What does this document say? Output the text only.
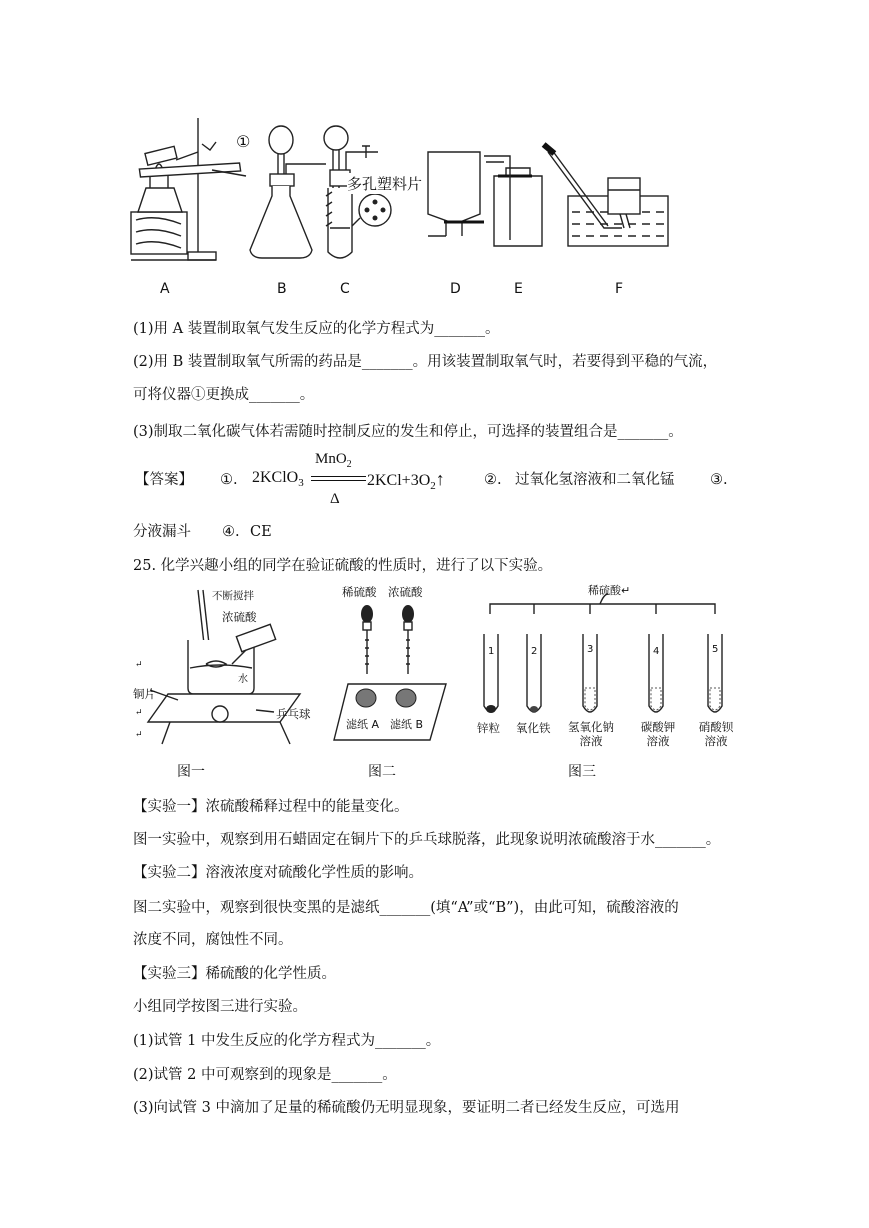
A	B	C	D	E	F
①
多孔塑料片
(1)用 A 装置制取氧气发生反应的化学方程式为_______。
(2)用 B 装置制取氧气所需的药品是_______。用该装置制取氧气时，若要得到平稳的气流，
可将仪器①更换成_______。
(3)制取二氧化碳气体若需随时控制反应的发生和停止，可选择的装置组合是_______。
【答案】 ①. 2KClO$_3$
MnO$_2$
Δ
$2KCl+3O_2↑$	②. 过氧化氢溶液和二氧化锰 ③.
分液漏斗 ④. CE
25. 化学兴趣小组的同学在验证硫酸的性质时，进行了以下实验。
不断搅拌
浓硫酸
水
铜片
乒乓球
↵
↵
↵
图一
稀硫酸 浓硫酸
滤纸 A 滤纸 B
图二
稀硫酸↵
1	2	3	4	5
锌粒 氧化铁 氢氧化钠溶液
碳酸钾溶液
硝酸钡溶液
图三
【实验一】浓硫酸稀释过程中的能量变化。
图一实验中，观察到用石蜡固定在铜片下的乒乓球脱落，此现象说明浓硫酸溶于水_______。
【实验二】溶液浓度对硫酸化学性质的影响。
图二实验中，观察到很快变黑的是滤纸_______(填“A”或“B”)，由此可知，硫酸溶液的
浓度不同，腐蚀性不同。
【实验三】稀硫酸的化学性质。
小组同学按图三进行实验。
(1)试管 1 中发生反应的化学方程式为_______。
(2)试管 2 中可观察到的现象是_______。
(3)向试管 3 中滴加了足量的稀硫酸仍无明显现象，要证明二者已经发生反应，可选用
